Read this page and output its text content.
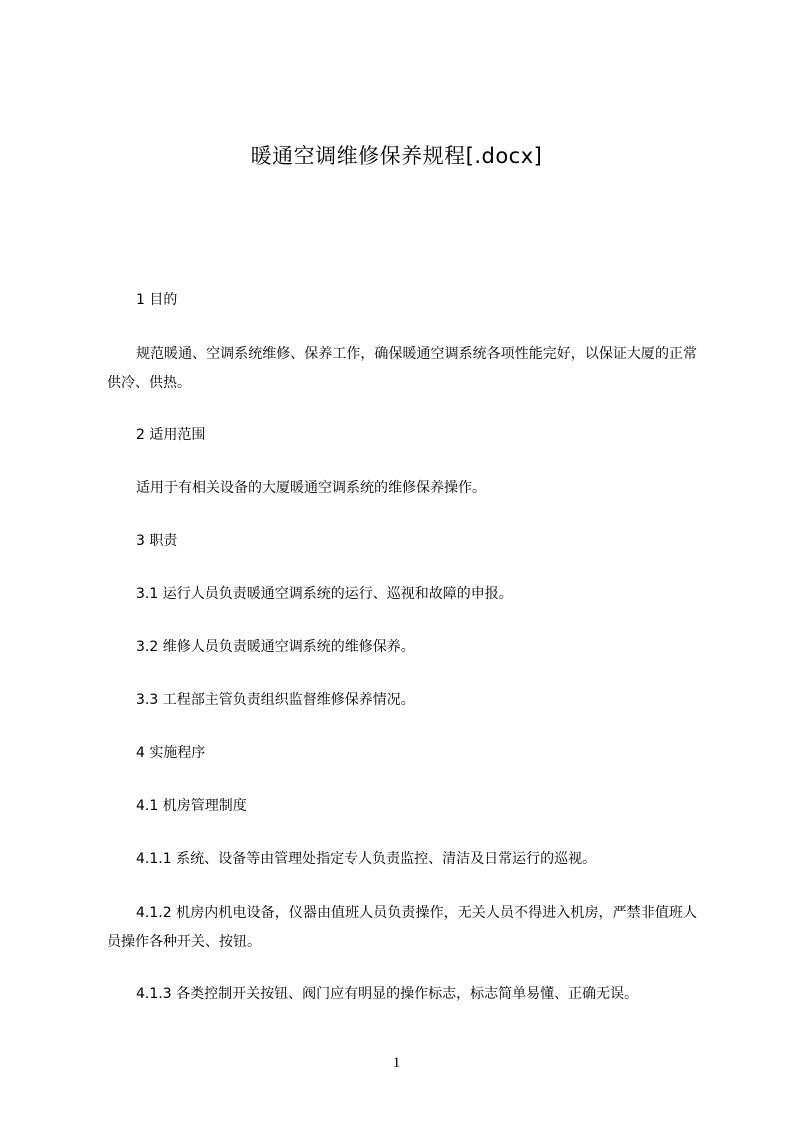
暖通空调维修保养规程[.docx]
1 目的
规范暖通、空调系统维修、保养工作，确保暖通空调系统各项性能完好，以保证大厦的正常供冷、供热。
2 适用范围
适用于有相关设备的大厦暖通空调系统的维修保养操作。
3 职责
3.1 运行人员负责暖通空调系统的运行、巡视和故障的申报。
3.2 维修人员负责暖通空调系统的维修保养。
3.3 工程部主管负责组织监督维修保养情况。
4 实施程序
4.1 机房管理制度
4.1.1 系统、设备等由管理处指定专人负责监控、清洁及日常运行的巡视。
4.1.2 机房内机电设备，仪器由值班人员负责操作，无关人员不得进入机房，严禁非值班人员操作各种开关、按钮。
4.1.3 各类控制开关按钮、阀门应有明显的操作标志，标志简单易懂、正确无误。
1
